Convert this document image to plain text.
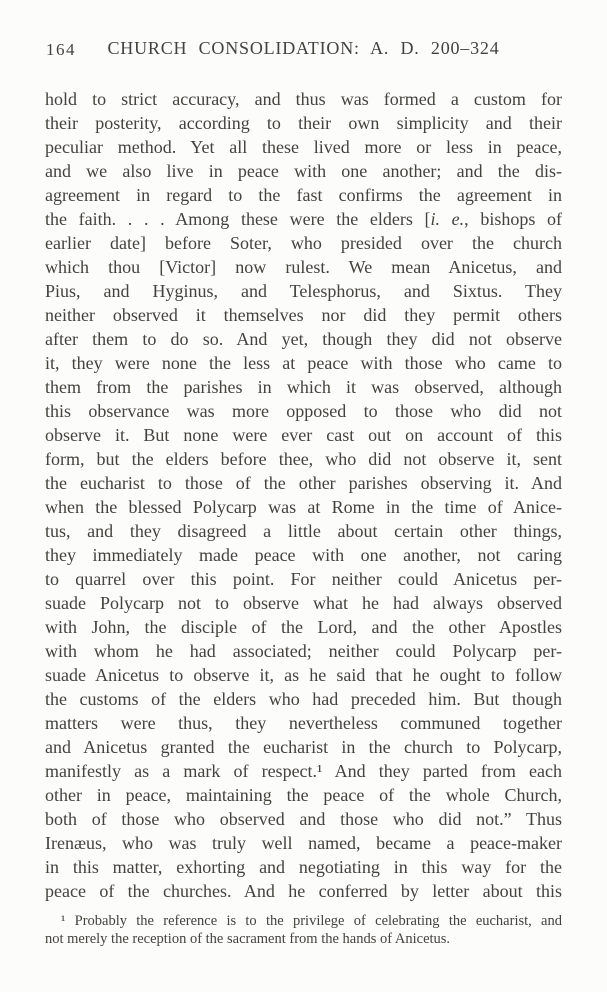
164	CHURCH CONSOLIDATION: A. D. 200–324
hold to strict accuracy, and thus was formed a custom for
their posterity, according to their own simplicity and their
peculiar method. Yet all these lived more or less in peace,
and we also live in peace with one another; and the dis-
agreement in regard to the fast confirms the agreement in
the faith. . . . Among these were the elders [i. e., bishops of
earlier date] before Soter, who presided over the church
which thou [Victor] now rulest. We mean Anicetus, and
Pius, and Hyginus, and Telesphorus, and Sixtus. They
neither observed it themselves nor did they permit others
after them to do so. And yet, though they did not observe
it, they were none the less at peace with those who came to
them from the parishes in which it was observed, although
this observance was more opposed to those who did not
observe it. But none were ever cast out on account of this
form, but the elders before thee, who did not observe it, sent
the eucharist to those of the other parishes observing it. And
when the blessed Polycarp was at Rome in the time of Anice-
tus, and they disagreed a little about certain other things,
they immediately made peace with one another, not caring
to quarrel over this point. For neither could Anicetus per-
suade Polycarp not to observe what he had always observed
with John, the disciple of the Lord, and the other Apostles
with whom he had associated; neither could Polycarp per-
suade Anicetus to observe it, as he said that he ought to follow
the customs of the elders who had preceded him. But though
matters were thus, they nevertheless communed together
and Anicetus granted the eucharist in the church to Polycarp,
manifestly as a mark of respect.¹ And they parted from each
other in peace, maintaining the peace of the whole Church,
both of those who observed and those who did not.” Thus
Irenæus, who was truly well named, became a peace-maker
in this matter, exhorting and negotiating in this way for the
peace of the churches. And he conferred by letter about this
¹ Probably the reference is to the privilege of celebrating the eucharist, and
not merely the reception of the sacrament from the hands of Anicetus.
